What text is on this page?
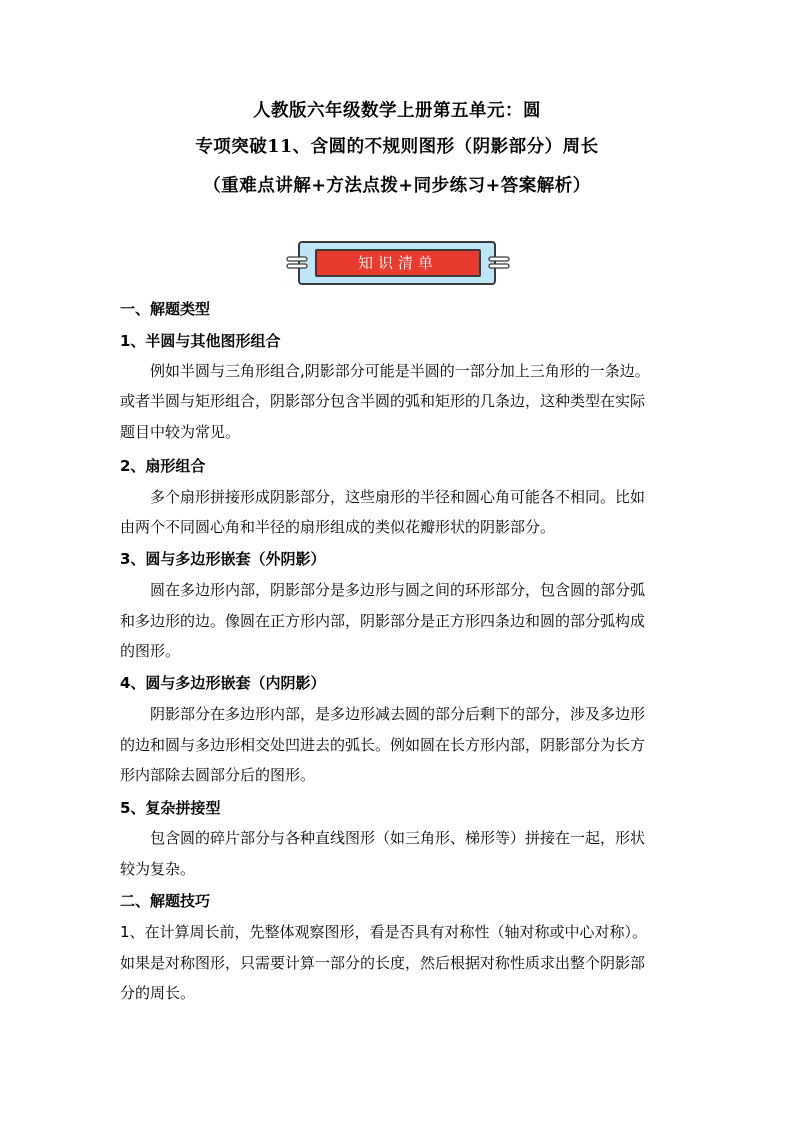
人教版六年级数学上册第五单元：圆
专项突破11、含圆的不规则图形（阴影部分）周长
（重难点讲解+方法点拨+同步练习+答案解析）
知识清单
一、解题类型
1、半圆与其他图形组合
例如半圆与三角形组合,阴影部分可能是半圆的一部分加上三角形的一条边。
或者半圆与矩形组合，阴影部分包含半圆的弧和矩形的几条边，这种类型在实际
题目中较为常见。
2、扇形组合
多个扇形拼接形成阴影部分，这些扇形的半径和圆心角可能各不相同。比如
由两个不同圆心角和半径的扇形组成的类似花瓣形状的阴影部分。
3、圆与多边形嵌套（外阴影）
圆在多边形内部，阴影部分是多边形与圆之间的环形部分，包含圆的部分弧
和多边形的边。像圆在正方形内部，阴影部分是正方形四条边和圆的部分弧构成
的图形。
4、圆与多边形嵌套（内阴影）
阴影部分在多边形内部，是多边形减去圆的部分后剩下的部分，涉及多边形
的边和圆与多边形相交处凹进去的弧长。例如圆在长方形内部，阴影部分为长方
形内部除去圆部分后的图形。
5、复杂拼接型
包含圆的碎片部分与各种直线图形（如三角形、梯形等）拼接在一起，形状
较为复杂。
二、解题技巧
1、在计算周长前，先整体观察图形，看是否具有对称性（轴对称或中心对称）。
如果是对称图形，只需要计算一部分的长度，然后根据对称性质求出整个阴影部
分的周长。
